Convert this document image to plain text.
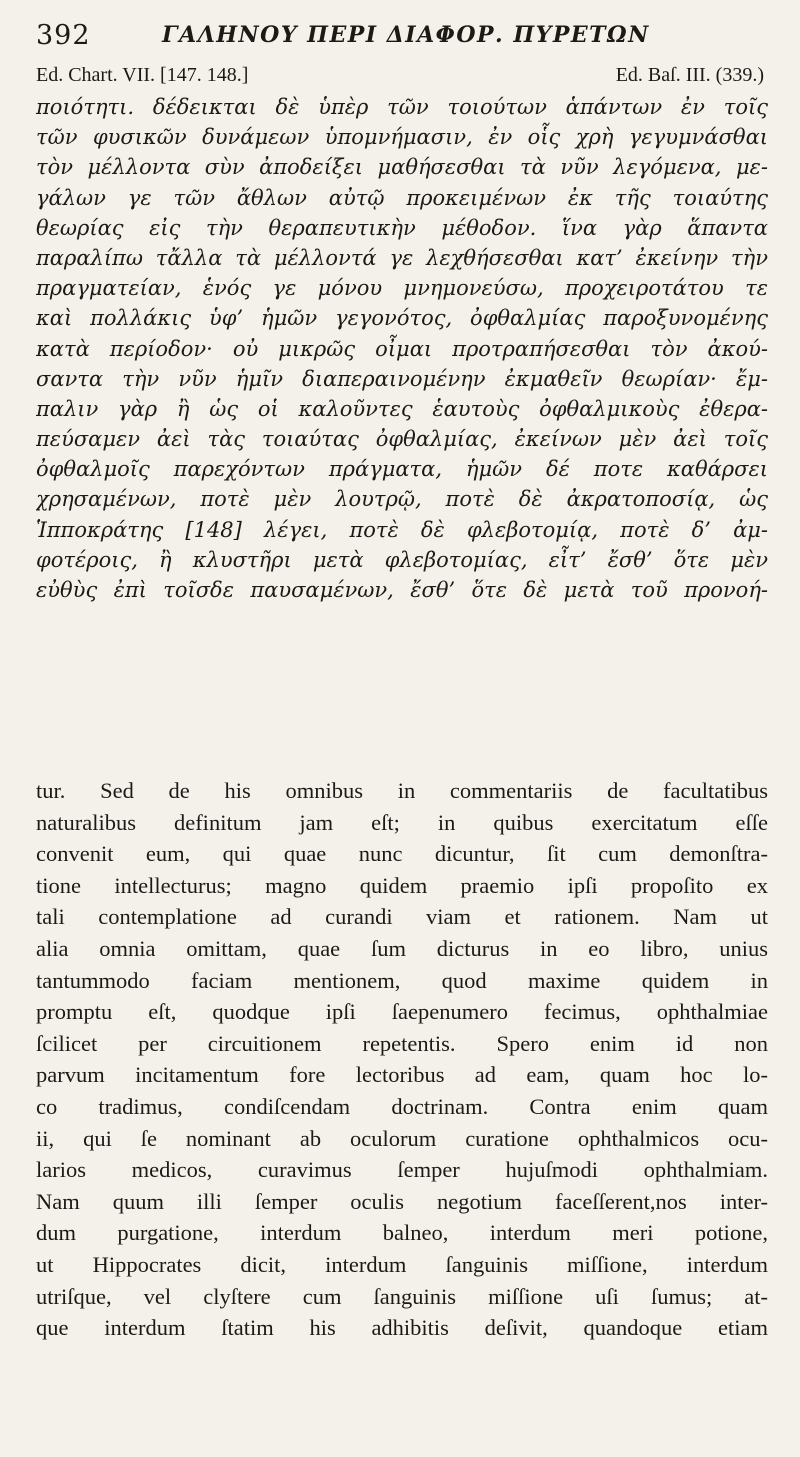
392	ΓΑΛΗΝΟΥ ΠΕΡΙ ΔΙΑΦΟΡ. ΠΥΡΕΤΩΝ
Ed. Chart. VII. [147. 148.]	Ed. Baſ. III. (339.)
ποιότητι. δέδεικται δὲ ὑπὲρ τῶν τοιούτων ἁπάντων ἐν τοῖς
τῶν φυσικῶν δυνάμεων ὑπομνήμασιν, ἐν οἷς χρὴ γεγυμνάσθαι
τὸν μέλλοντα σὺν ἀποδείξει μαθήσεσθαι τὰ νῦν λεγόμενα, με-
γάλων γε τῶν ἄθλων αὐτῷ προκειμένων ἐκ τῆς τοιαύτης
θεωρίας εἰς τὴν θεραπευτικὴν μέθοδον. ἵνα γὰρ ἅπαντα
παραλίπω τἄλλα τὰ μέλλοντά γε λεχθήσεσθαι κατ’ ἐκείνην τὴν
πραγματείαν, ἑνός γε μόνου μνημονεύσω, προχειροτάτου τε
καὶ πολλάκις ὑφ’ ἡμῶν γεγονότος, ὀφθαλμίας παροξυνομένης
κατὰ περίοδον· οὐ μικρῶς οἶμαι προτραπήσεσθαι τὸν ἀκού-
σαντα τὴν νῦν ἡμῖν διαπεραινομένην ἐκμαθεῖν θεωρίαν· ἔμ-
παλιν γὰρ ἢ ὡς οἱ καλοῦντες ἑαυτοὺς ὀφθαλμικοὺς ἐθερα-
πεύσαμεν ἀεὶ τὰς τοιαύτας ὀφθαλμίας, ἐκείνων μὲν ἀεὶ τοῖς
ὀφθαλμοῖς παρεχόντων πράγματα, ἡμῶν δέ ποτε καθάρσει
χρησαμένων, ποτὲ μὲν λουτρῷ, ποτὲ δὲ ἀκρατοποσίᾳ, ὡς
Ἱπποκράτης [148] λέγει, ποτὲ δὲ φλεβοτομίᾳ, ποτὲ δ’ ἀμ-
φοτέροις, ἢ κλυστῆρι μετὰ φλεβοτομίας, εἶτ’ ἔσθ’ ὅτε μὲν
εὐθὺς ἐπὶ τοῖσδε παυσαμένων, ἔσθ’ ὅτε δὲ μετὰ τοῦ προνοή-
tur. Sed de his omnibus in commentariis de facultatibus
naturalibus definitum jam eſt; in quibus exercitatum eſſe
convenit eum, qui quae nunc dicuntur, ſit cum demonſtra-
tione intellecturus; magno quidem praemio ipſi propoſito ex
tali contemplatione ad curandi viam et rationem. Nam ut
alia omnia omittam, quae ſum dicturus in eo libro, unius
tantummodo faciam mentionem, quod maxime quidem in
promptu eſt, quodque ipſi ſaepenumero fecimus, ophthalmiae
ſcilicet per circuitionem repetentis. Spero enim id non
parvum incitamentum fore lectoribus ad eam, quam hoc lo-
co tradimus, condiſcendam doctrinam. Contra enim quam
ii, qui ſe nominant ab oculorum curatione ophthalmicos ocu-
larios medicos, curavimus ſemper hujuſmodi ophthalmiam.
Nam quum illi ſemper oculis negotium faceſſerent,nos inter-
dum purgatione, interdum balneo, interdum meri potione,
ut Hippocrates dicit, interdum ſanguinis miſſione, interdum
utriſque, vel clyſtere cum ſanguinis miſſione uſi ſumus; at-
que interdum ſtatim his adhibitis deſivit, quandoque etiam
